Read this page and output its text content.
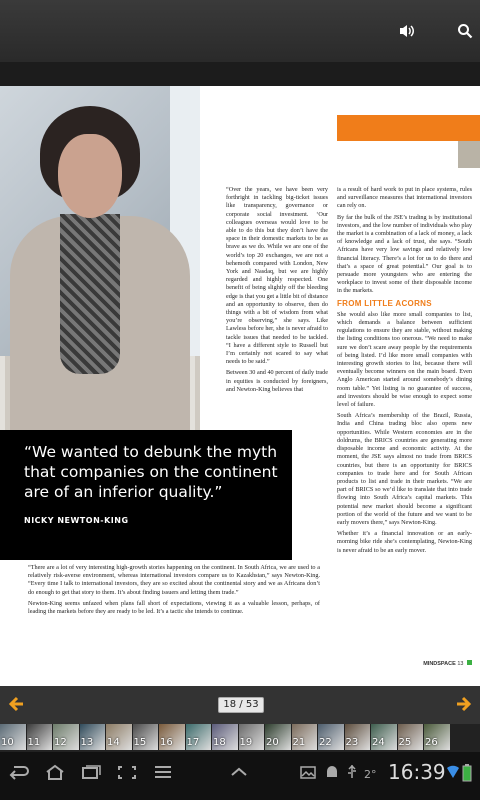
“Over the years, we have been very forthright in tackling big-ticket issues like transparency, governance or corporate social investment. ‘Our colleagues overseas would love to be able to do this but they don’t have the space in their domestic markets to be as brave as we do. While we are one of the world’s top 20 exchanges, we are not a behemoth compared with London, New York and Nasdaq, but we are highly regarded and highly respected. One benefit of being slightly off the bleeding edge is that you get a little bit of distance and an opportunity to observe, then do things with a bit of wisdom from what you’re observing,” she says. Like Lawless before her, she is never afraid to tackle issues that needed to be tackled. “I have a different style to Russell but I’m certainly not scared to say what needs to be said.”

Between 30 and 40 percent of daily trade in equities is conducted by foreigners, and Newton-King believes that

is a result of hard work to put in place systems, rules and surveillance measures that international investors can rely on.

By far the bulk of the JSE’s trading is by institutional investors, and the low number of individuals who play the market is a combination of a lack of money, a lack of knowledge and a lack of trust, she says. “South Africans have very low savings and relatively low financial literacy. There’s a lot for us to do there and that’s a space of great potential.” Our goal is to persuade more youngsters who are entering the workplace to invest some of their disposable income in the markets.

FROM LITTLE ACORNS

She would also like more small companies to list, which demands a balance between sufficient regulations to ensure they are stable, without making the listing conditions too onerous. “We need to make sure we don’t scare away people by the requirements of being listed. I’d like more small companies with interesting growth stories to list, because there will eventually become winners on the main board. Even Anglo American started around somebody’s dining room table.” Yet listing is no guarantee of success, and investors should be wise enough to expect some level of failure.

South Africa’s membership of the Brazil, Russia, India and China trading bloc also opens new opportunities. While Western economies are in the doldrums, the BRICS countries are generating more disposable income and economic activity. At the moment, the JSE says almost no trade from BRICS countries, but there is an opportunity for BRICS companies to trade here and for South African products to list and trade in their markets. “We are part of BRICS so we’d like to translate that into trade flowing into South Africa’s capital markets. This potential new market should become a significant portion of the world of the future and we want to be early movers there,” says Newton-King.

Whether it’s a financial innovation or an early-morning bike ride she’s contemplating, Newton-King is never afraid to be an early mover.

“We wanted to debunk the myth that companies on the continent are of an inferior quality.”
NICKY NEWTON-KING

“There are a lot of very interesting high-growth stories happening on the continent. In South Africa, we are used to a relatively risk-averse environment, whereas international investors compare us to Kazakhstan,” says Newton-King. “Every time I talk to international investors, they are so excited about the continental story and we as Africans don’t do enough to get that story to them. It’s about finding issuers and letting them trade.”

Newton-King seems unfazed when plans fall short of expectations, viewing it as a valuable lesson, perhaps, of leading the markets before they are ready to be led. It’s a tactic she intends to continue.

MINDSPACE 13
18 / 53
10 11 12 13 14 15 16 17 18 19 20 21 22 23 24 25 26
2° 16:39
